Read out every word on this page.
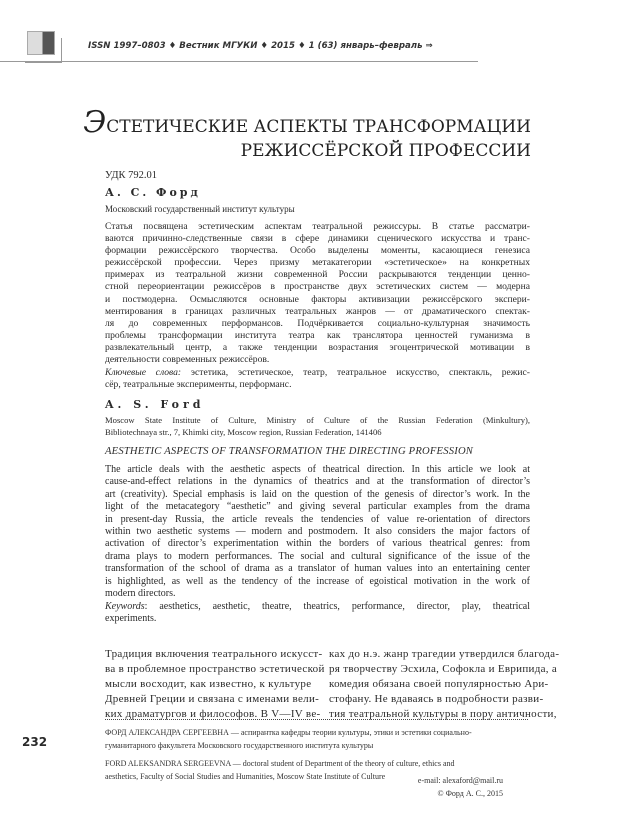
ISSN 1997–0803 ♦ Вестник МГУКИ ♦ 2015 ♦ 1 (63) январь–февраль ⇒
ЭСТЕТИЧЕСКИЕ АСПЕКТЫ ТРАНСФОРМАЦИИ
РЕЖИССЁРСКОЙ ПРОФЕССИИ
УДК 792.01
А. С. Форд
Московский государственный институт культуры
Статья посвящена эстетическим аспектам театральной режиссуры. В статье рассматри-
ваются причинно-следственные связи в сфере динамики сценического искусства и транс-
формации режиссёрского творчества. Особо выделены моменты, касающиеся генезиса
режиссёрской профессии. Через призму метакатегории «эстетическое» на конкретных
примерах из театральной жизни современной России раскрываются тенденции ценно-
стной переориентации режиссёров в пространстве двух эстетических систем — модерна
и постмодерна. Осмысляются основные факторы активизации режиссёрского экспери-
ментирования в границах различных театральных жанров — от драматического спектак-
ля до современных перформансов. Подчёркивается социально-культурная значимость
проблемы трансформации института театра как транслятора ценностей гуманизма в
развлекательный центр, а также тенденции возрастания эгоцентрической мотивации в
деятельности современных режиссёров.
Ключевые слова: эстетика, эстетическое, театр, театральное искусство, спектакль, режис-
сёр, театральные эксперименты, перформанс.
A. S. Ford
Moscow State Institute of Culture, Ministry of Culture of the Russian Federation (Minkultury),
Bibliotechnaya str., 7, Khimki city, Moscow region, Russian Federation, 141406
AESTHETIC ASPECTS OF TRANSFORMATION THE DIRECTING PROFESSION
The article deals with the aesthetic aspects of theatrical direction. In this article we look at
cause-and-effect relations in the dynamics of theatrics and at the transformation of director’s
art (creativity). Special emphasis is laid on the question of the genesis of director’s work. In the
light of the metacategory “aesthetic” and giving several particular examples from the drama
in present-day Russia, the article reveals the tendencies of value re-orientation of directors
within two aesthetic systems — modern and postmodern. It also considers the major factors of
activation of director’s experimentation within the borders of various theatrical genres: from
drama plays to modern performances. The social and cultural significance of the issue of the
transformation of the school of drama as a translator of human values into an entertaining center
is highlighted, as well as the tendency of the increase of egoistical motivation in the work of
modern directors.
Keywords: aesthetics, aesthetic, theatre, theatrics, performance, director, play, theatrical
experiments.
Традиция включения театрального искусст-
ва в проблемное пространство эстетической
мысли восходит, как известно, к культуре
Древней Греции и связана с именами вели-
ких драматургов и философов. В V—IV ве-
ках до н.э. жанр трагедии утвердился благода-
ря творчеству Эсхила, Софокла и Еврипида, а
комедия обязана своей популярностью Ари-
стофану. Не вдаваясь в подробности разви-
тия театральной культуры в пору античности,
232
ФОРД АЛЕКСАНДРА СЕРГЕЕВНА — аспирантка кафедры теории культуры, этики и эстетики социально-
гуманитарного факультета Московского государственного института культуры
FORD ALEKSANDRA SERGEEVNA — doctoral student of Department of the theory of culture, ethics and
aesthetics, Faculty of Social Studies and Humanities, Moscow State Institute of Culture	e-mail: alexaford@mail.ru
© Форд А. С., 2015
